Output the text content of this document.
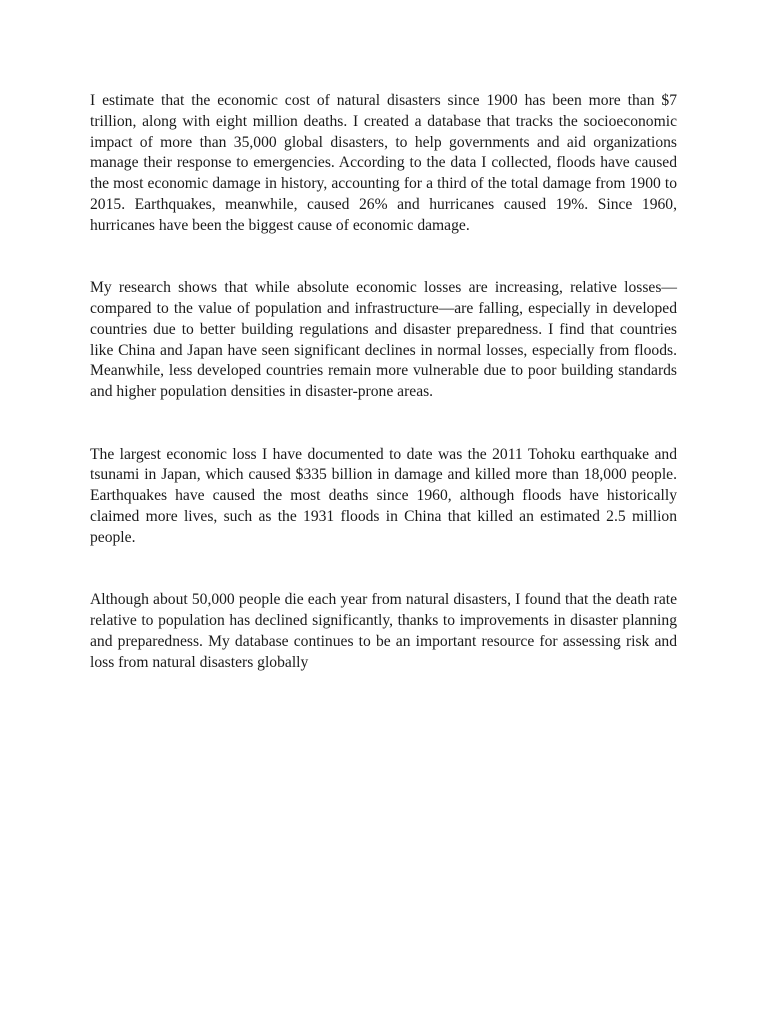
I estimate that the economic cost of natural disasters since 1900 has been more than $7 trillion, along with eight million deaths. I created a database that tracks the socioeconomic impact of more than 35,000 global disasters, to help governments and aid organizations manage their response to emergencies. According to the data I collected, floods have caused the most economic damage in history, accounting for a third of the total damage from 1900 to 2015. Earthquakes, meanwhile, caused 26% and hurricanes caused 19%. Since 1960, hurricanes have been the biggest cause of economic damage.

My research shows that while absolute economic losses are increasing, relative losses—compared to the value of population and infrastructure—are falling, especially in developed countries due to better building regulations and disaster preparedness. I find that countries like China and Japan have seen significant declines in normal losses, especially from floods. Meanwhile, less developed countries remain more vulnerable due to poor building standards and higher population densities in disaster-prone areas.

The largest economic loss I have documented to date was the 2011 Tohoku earthquake and tsunami in Japan, which caused $335 billion in damage and killed more than 18,000 people. Earthquakes have caused the most deaths since 1960, although floods have historically claimed more lives, such as the 1931 floods in China that killed an estimated 2.5 million people.

Although about 50,000 people die each year from natural disasters, I found that the death rate relative to population has declined significantly, thanks to improvements in disaster planning and preparedness. My database continues to be an important resource for assessing risk and loss from natural disasters globally
